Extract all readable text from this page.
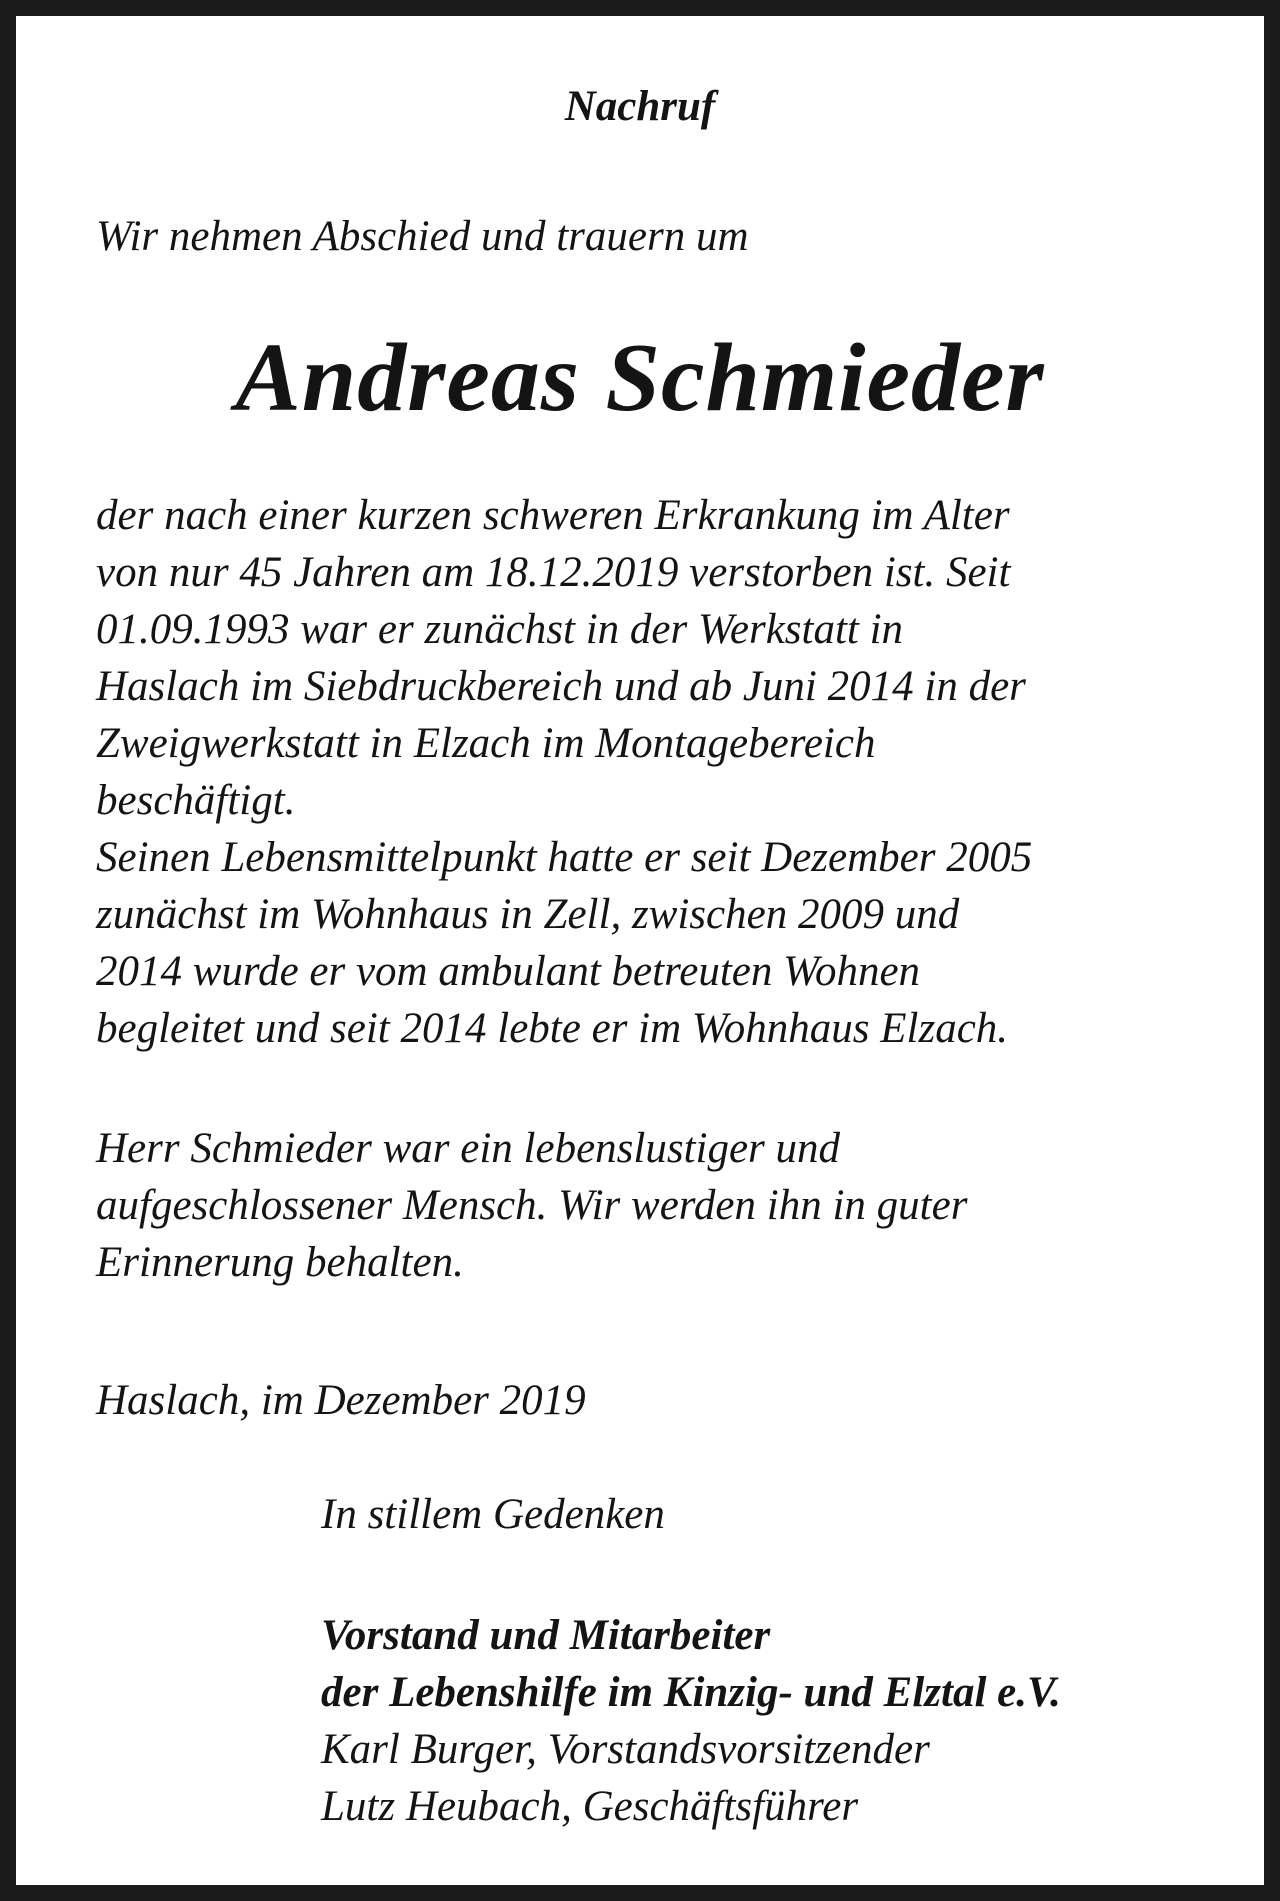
Nachruf

Wir nehmen Abschied und trauern um

Andreas Schmieder

der nach einer kurzen schweren Erkrankung im Alter
von nur 45 Jahren am 18.12.2019 verstorben ist. Seit
01.09.1993 war er zunächst in der Werkstatt in
Haslach im Siebdruckbereich und ab Juni 2014 in der
Zweigwerkstatt in Elzach im Montagebereich
beschäftigt.
Seinen Lebensmittelpunkt hatte er seit Dezember 2005
zunächst im Wohnhaus in Zell, zwischen 2009 und
2014 wurde er vom ambulant betreuten Wohnen
begleitet und seit 2014 lebte er im Wohnhaus Elzach.

Herr Schmieder war ein lebenslustiger und
aufgeschlossener Mensch. Wir werden ihn in guter
Erinnerung behalten.

Haslach, im Dezember 2019

In stillem Gedenken

Vorstand und Mitarbeiter
der Lebenshilfe im Kinzig- und Elztal e.V.
Karl Burger, Vorstandsvorsitzender
Lutz Heubach, Geschäftsführer
